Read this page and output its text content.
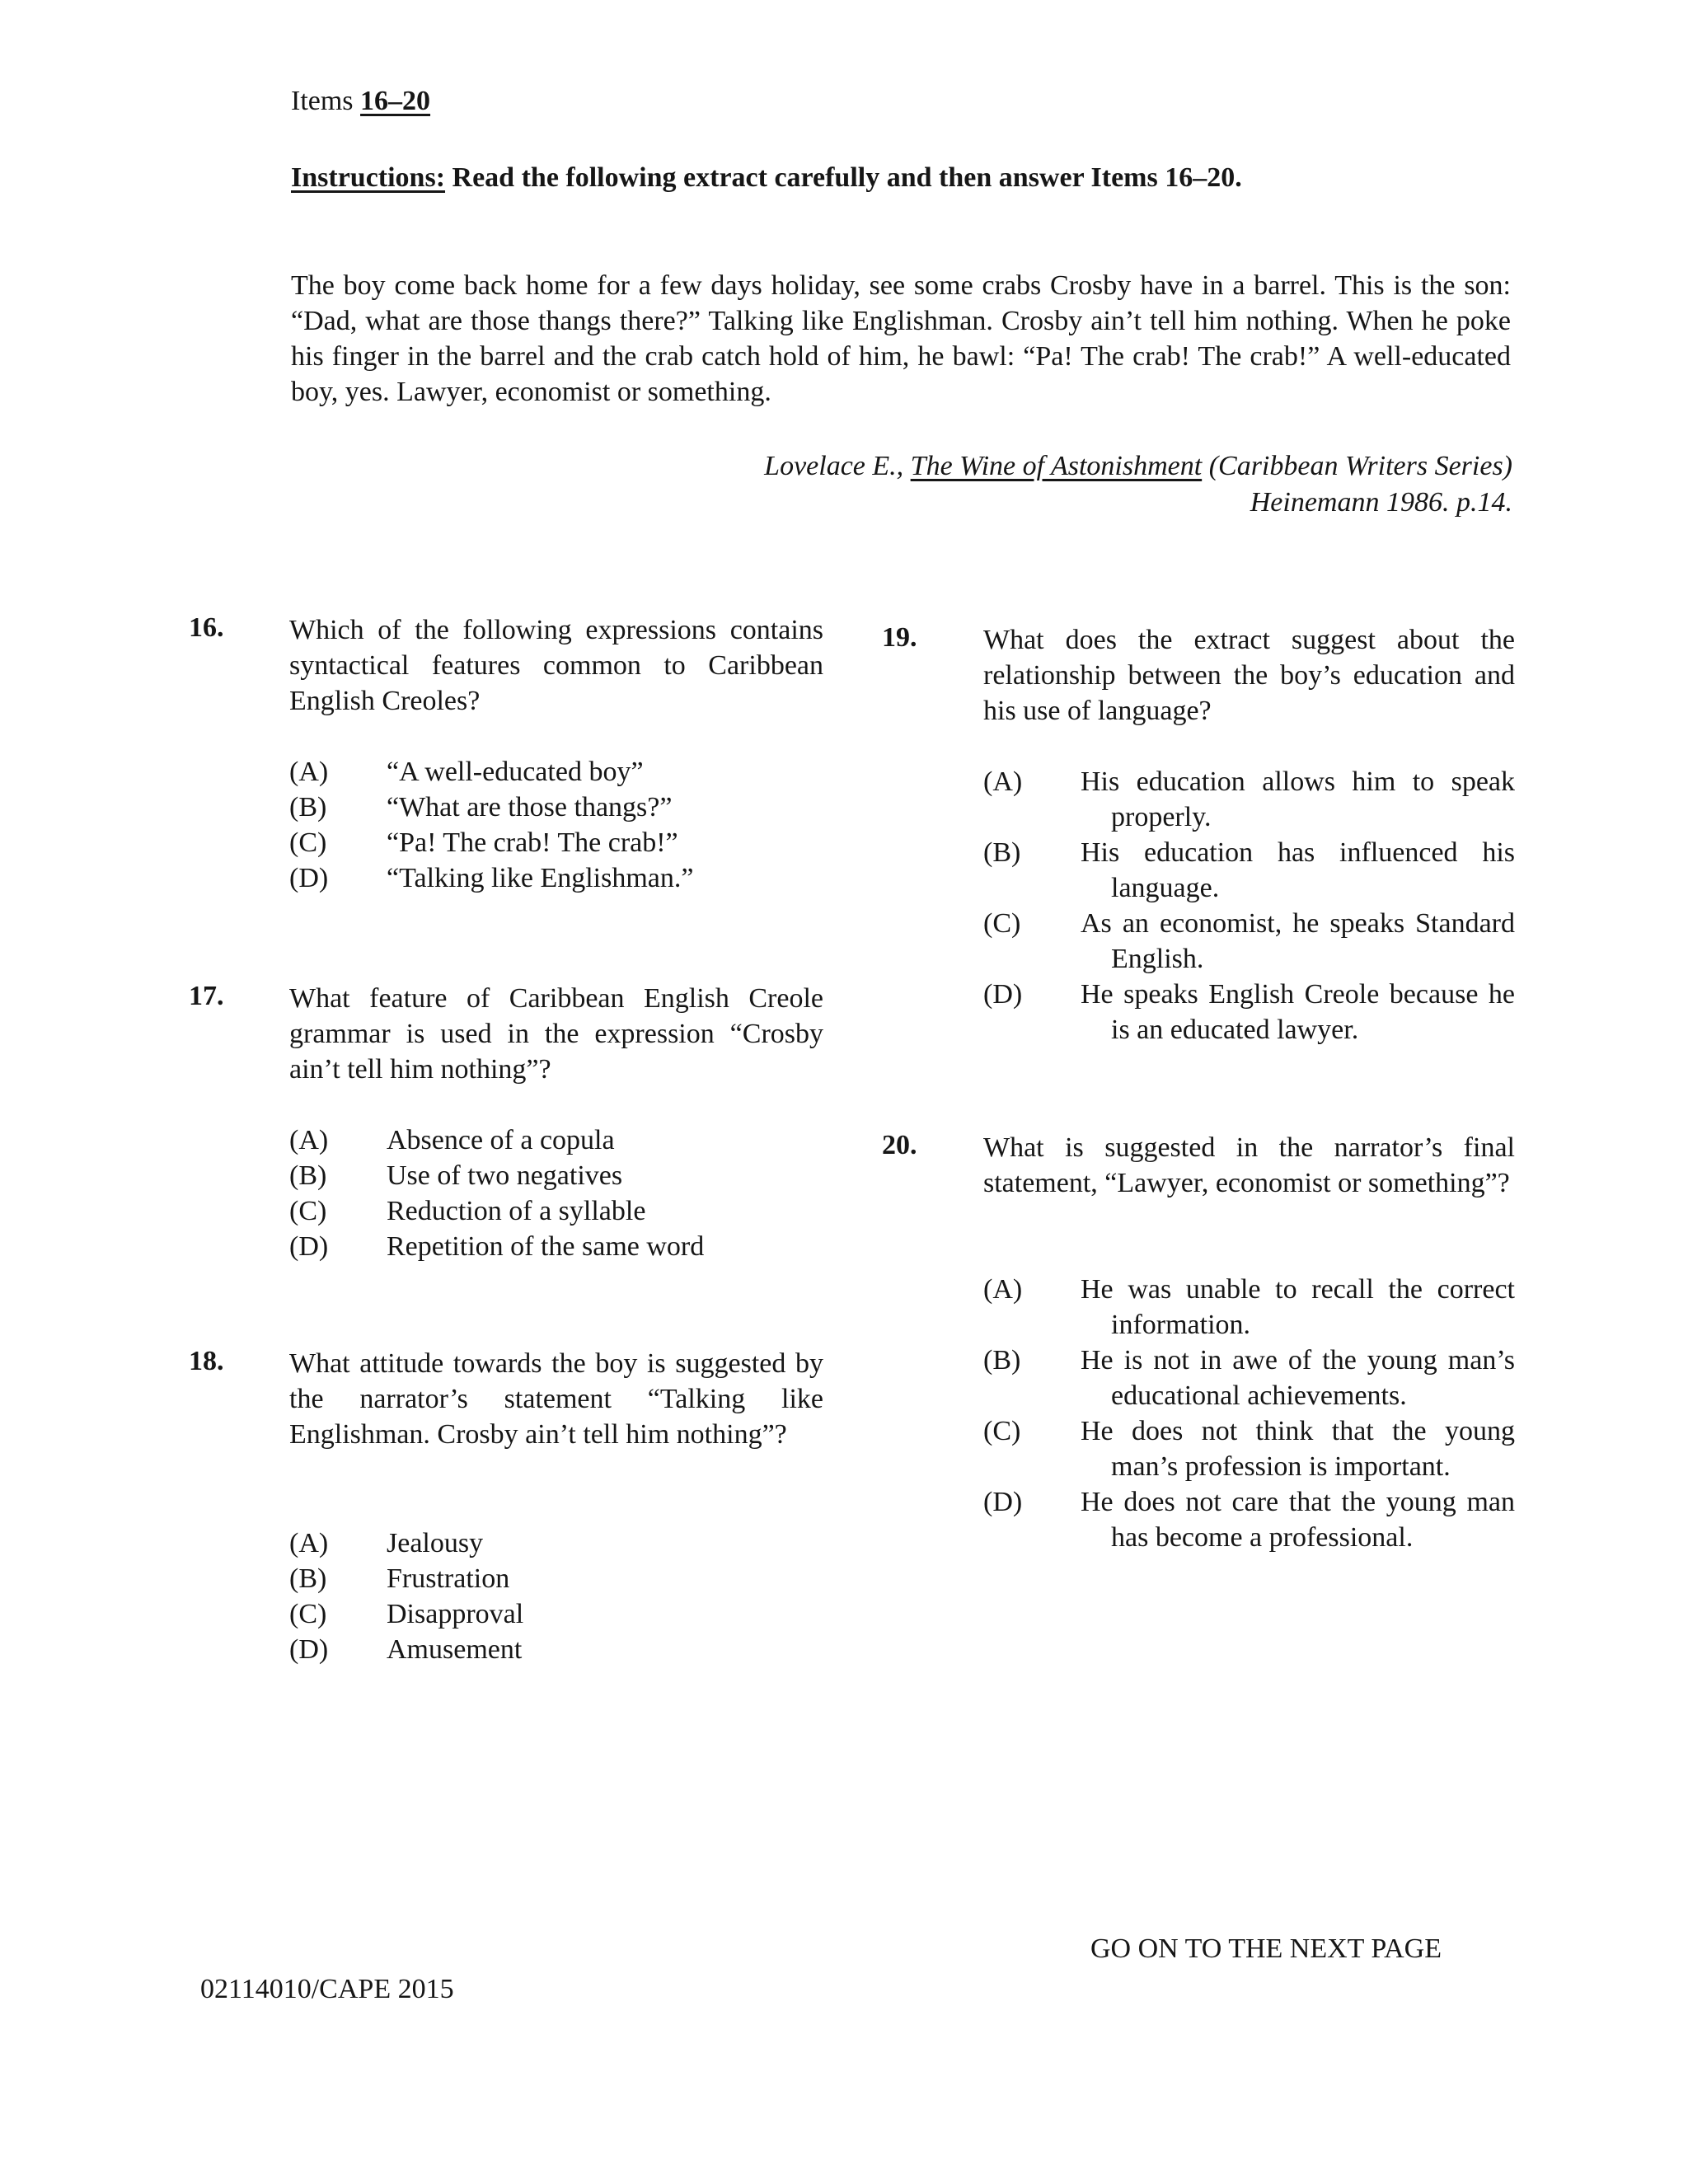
Items 16–20
Instructions: Read the following extract carefully and then answer Items 16–20.
The boy come back home for a few days holiday, see some crabs Crosby have in a barrel. This is the son: “Dad, what are those thangs there?” Talking like Englishman. Crosby ain’t tell him nothing. When he poke his finger in the barrel and the crab catch hold of him, he bawl: “Pa! The crab! The crab!” A well-educated boy, yes. Lawyer, economist or something.
Lovelace E., The Wine of Astonishment (Caribbean Writers Series)
Heinemann 1986. p.14.
16. Which of the following expressions contains syntactical features common to Caribbean English Creoles?
(A) “A well-educated boy”
(B) “What are those thangs?”
(C) “Pa! The crab! The crab!”
(D) “Talking like Englishman.”
17. What feature of Caribbean English Creole grammar is used in the expression “Crosby ain’t tell him nothing”?
(A) Absence of a copula
(B) Use of two negatives
(C) Reduction of a syllable
(D) Repetition of the same word
18. What attitude towards the boy is suggested by the narrator’s statement “Talking like Englishman. Crosby ain’t tell him nothing”?
(A) Jealousy
(B) Frustration
(C) Disapproval
(D) Amusement
19. What does the extract suggest about the relationship between the boy’s education and his use of language?
(A) His education allows him to speak properly.
(B) His education has influenced his language.
(C) As an economist, he speaks Standard English.
(D) He speaks English Creole because he is an educated lawyer.
20. What is suggested in the narrator’s final statement, “Lawyer, economist or something”?
(A) He was unable to recall the correct information.
(B) He is not in awe of the young man’s educational achievements.
(C) He does not think that the young man’s profession is important.
(D) He does not care that the young man has become a professional.
GO ON TO THE NEXT PAGE
02114010/CAPE 2015
